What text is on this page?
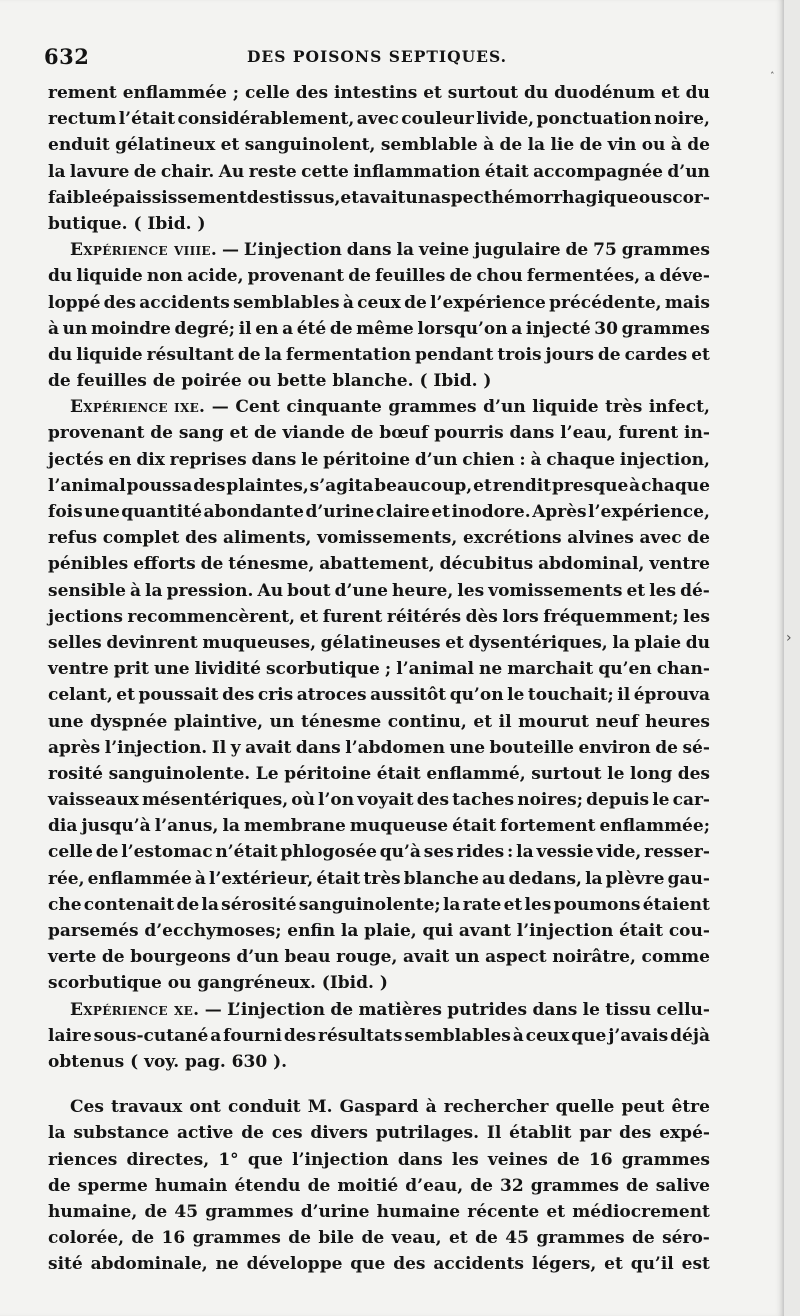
632	DES POISONS SEPTIQUES.
rement enflammée ; celle des intestins et surtout du duodénum et du
rectum l’était considérablement, avec couleur livide, ponctuation noire,
enduit gélatineux et sanguinolent, semblable à de la lie de vin ou à de
la lavure de chair. Au reste cette inflammation était accompagnée d’un
faible épaississement des tissus, et avait un aspect hémorrhagique ou scor-
butique. ( Ibid. )
Expérience viiie. — L’injection dans la veine jugulaire de 75 grammes
du liquide non acide, provenant de feuilles de chou fermentées, a déve-
loppé des accidents semblables à ceux de l’expérience précédente, mais
à un moindre degré; il en a été de même lorsqu’on a injecté 30 grammes
du liquide résultant de la fermentation pendant trois jours de cardes et
de feuilles de poirée ou bette blanche. ( Ibid. )
Expérience ixe. — Cent cinquante grammes d’un liquide très infect,
provenant de sang et de viande de bœuf pourris dans l’eau, furent in-
jectés en dix reprises dans le péritoine d’un chien : à chaque injection,
l’animal poussa des plaintes, s’agita beaucoup, et rendit presque à chaque
fois une quantité abondante d’urine claire et inodore. Après l’expérience,
refus complet des aliments, vomissements, excrétions alvines avec de
pénibles efforts de ténesme, abattement, décubitus abdominal, ventre
sensible à la pression. Au bout d’une heure, les vomissements et les dé-
jections recommencèrent, et furent réitérés dès lors fréquemment; les
selles devinrent muqueuses, gélatineuses et dysentériques, la plaie du
ventre prit une lividité scorbutique ; l’animal ne marchait qu’en chan-
celant, et poussait des cris atroces aussitôt qu’on le touchait; il éprouva
une dyspnée plaintive, un ténesme continu, et il mourut neuf heures
après l’injection. Il y avait dans l’abdomen une bouteille environ de sé-
rosité sanguinolente. Le péritoine était enflammé, surtout le long des
vaisseaux mésentériques, où l’on voyait des taches noires; depuis le car-
dia jusqu’à l’anus, la membrane muqueuse était fortement enflammée;
celle de l’estomac n’était phlogosée qu’à ses rides : la vessie vide, resser-
rée, enflammée à l’extérieur, était très blanche au dedans, la plèvre gau-
che contenait de la sérosité sanguinolente; la rate et les poumons étaient
parsemés d’ecchymoses; enfin la plaie, qui avant l’injection était cou-
verte de bourgeons d’un beau rouge, avait un aspect noirâtre, comme
scorbutique ou gangréneux. (Ibid. )
Expérience xe. — L’injection de matières putrides dans le tissu cellu-
laire sous-cutané a fourni des résultats semblables à ceux que j’avais déjà
obtenus ( voy. pag. 630 ).
Ces travaux ont conduit M. Gaspard à rechercher quelle peut être
la substance active de ces divers putrilages. Il établit par des expé-
riences directes, 1° que l’injection dans les veines de 16 grammes
de sperme humain étendu de moitié d’eau, de 32 grammes de salive
humaine, de 45 grammes d’urine humaine récente et médiocrement
colorée, de 16 grammes de bile de veau, et de 45 grammes de séro-
sité abdominale, ne développe que des accidents légers, et qu’il est
˰
›
